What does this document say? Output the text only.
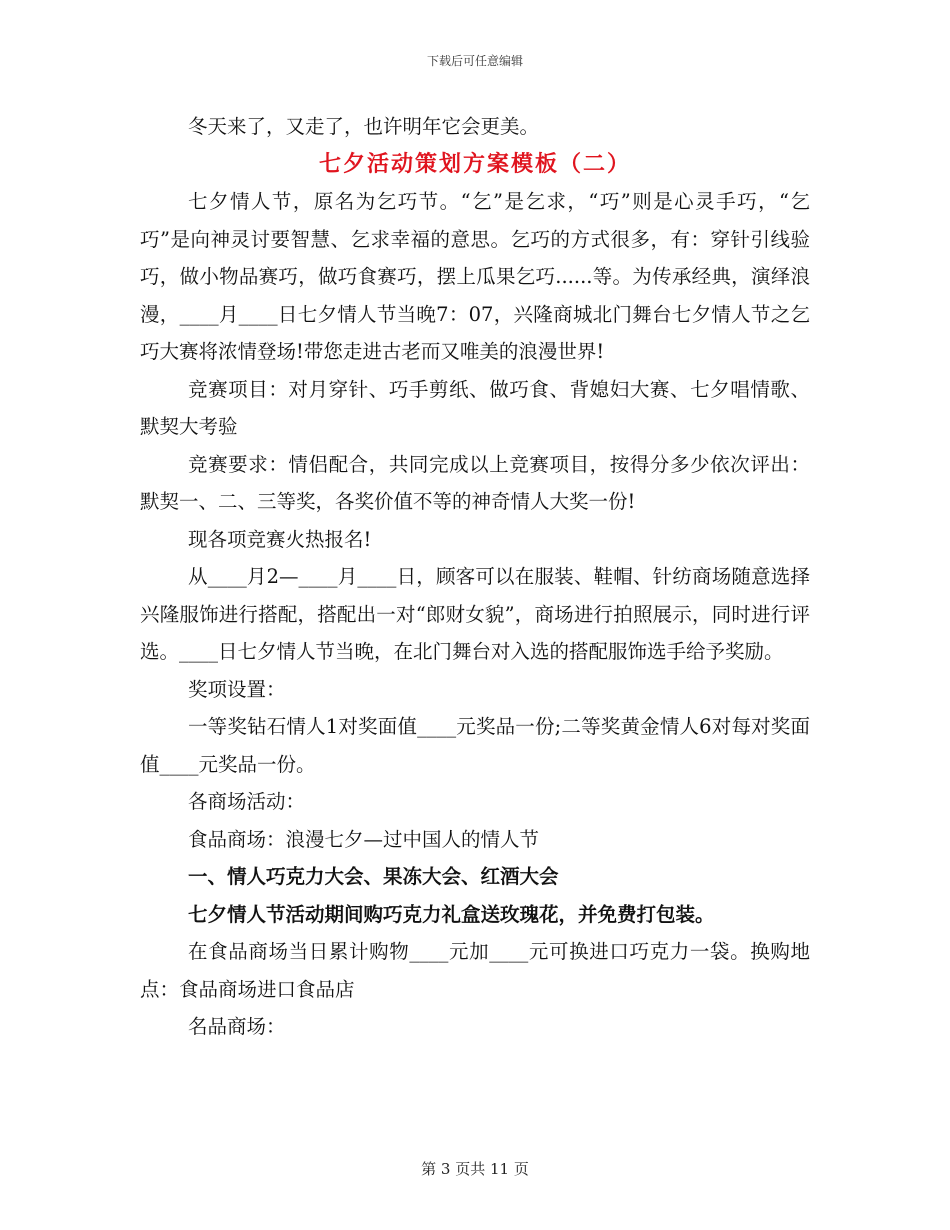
下载后可任意编辑

冬天来了，又走了，也许明年它会更美。

七夕活动策划方案模板（二）

七夕情人节，原名为乞巧节。“乞”是乞求，“巧”则是心灵手巧，“乞巧”是向神灵讨要智慧、乞求幸福的意思。乞巧的方式很多，有：穿针引线验巧，做小物品赛巧，做巧食赛巧，摆上瓜果乞巧......等。为传承经典，演绎浪漫，____月____日七夕情人节当晚7：07，兴隆商城北门舞台七夕情人节之乞巧大赛将浓情登场!带您走进古老而又唯美的浪漫世界!

竞赛项目：对月穿针、巧手剪纸、做巧食、背媳妇大赛、七夕唱情歌、默契大考验

竞赛要求：情侣配合，共同完成以上竞赛项目，按得分多少依次评出：默契一、二、三等奖，各奖价值不等的神奇情人大奖一份!

现各项竞赛火热报名!

从____月2—____月____日，顾客可以在服装、鞋帽、针纺商场随意选择兴隆服饰进行搭配，搭配出一对“郎财女貌”，商场进行拍照展示，同时进行评选。____日七夕情人节当晚，在北门舞台对入选的搭配服饰选手给予奖励。

奖项设置：

一等奖钻石情人1对奖面值____元奖品一份;二等奖黄金情人6对每对奖面值____元奖品一份。

各商场活动：

食品商场：浪漫七夕—过中国人的情人节

一、情人巧克力大会、果冻大会、红酒大会

七夕情人节活动期间购巧克力礼盒送玫瑰花，并免费打包装。

在食品商场当日累计购物____元加____元可换进口巧克力一袋。换购地点：食品商场进口食品店

名品商场：

第 3 页共 11 页
